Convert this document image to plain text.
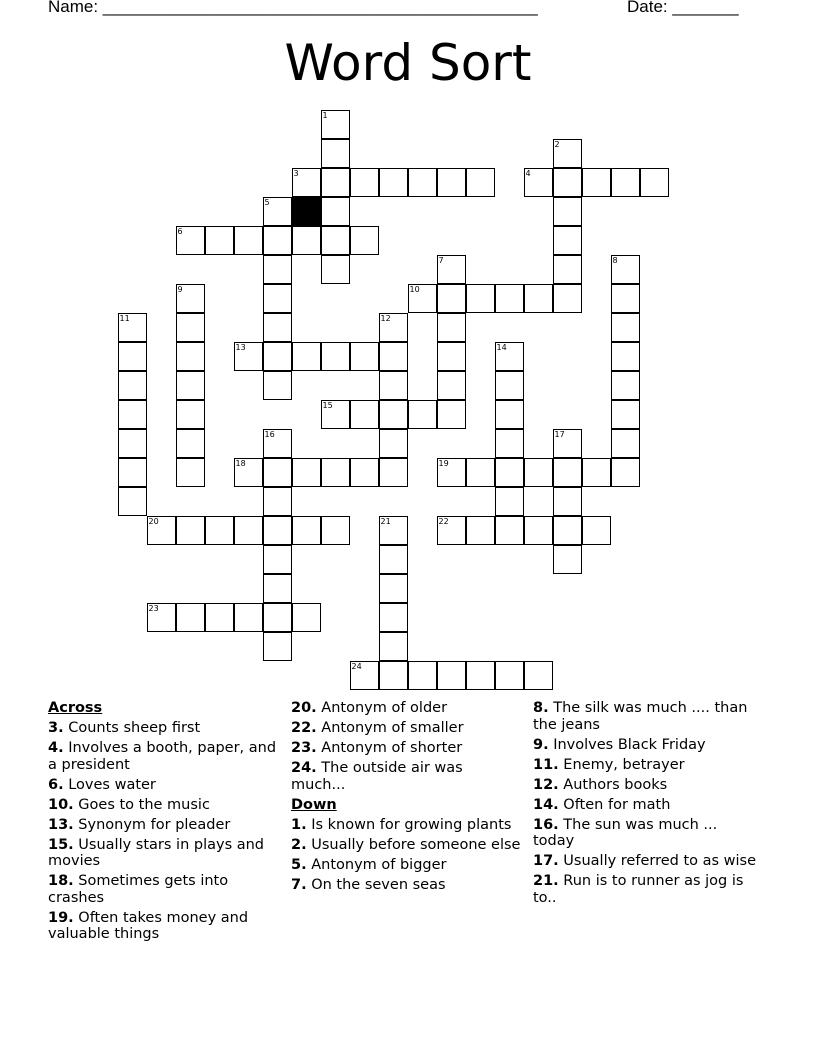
Name: ______________________________________________	Date: _______
Word Sort
3	4
6
10
13
15
18	19
20	22
23
24
1
2
5
7	8
9
11	12
14
16	17
21
Across
3. Counts sheep first
4. Involves a booth, paper, and a president
6. Loves water
10. Goes to the music
13. Synonym for pleader
15. Usually stars in plays and movies
18. Sometimes gets into crashes
19. Often takes money and valuable things
20. Antonym of older
22. Antonym of smaller
23. Antonym of shorter
24. The outside air was much...
Down
1. Is known for growing plants
2. Usually before someone else
5. Antonym of bigger
7. On the seven seas
8. The silk was much .... than the jeans
9. Involves Black Friday
11. Enemy, betrayer
12. Authors books
14. Often for math
16. The sun was much ... today
17. Usually referred to as wise
21. Run is to runner as jog is to..
